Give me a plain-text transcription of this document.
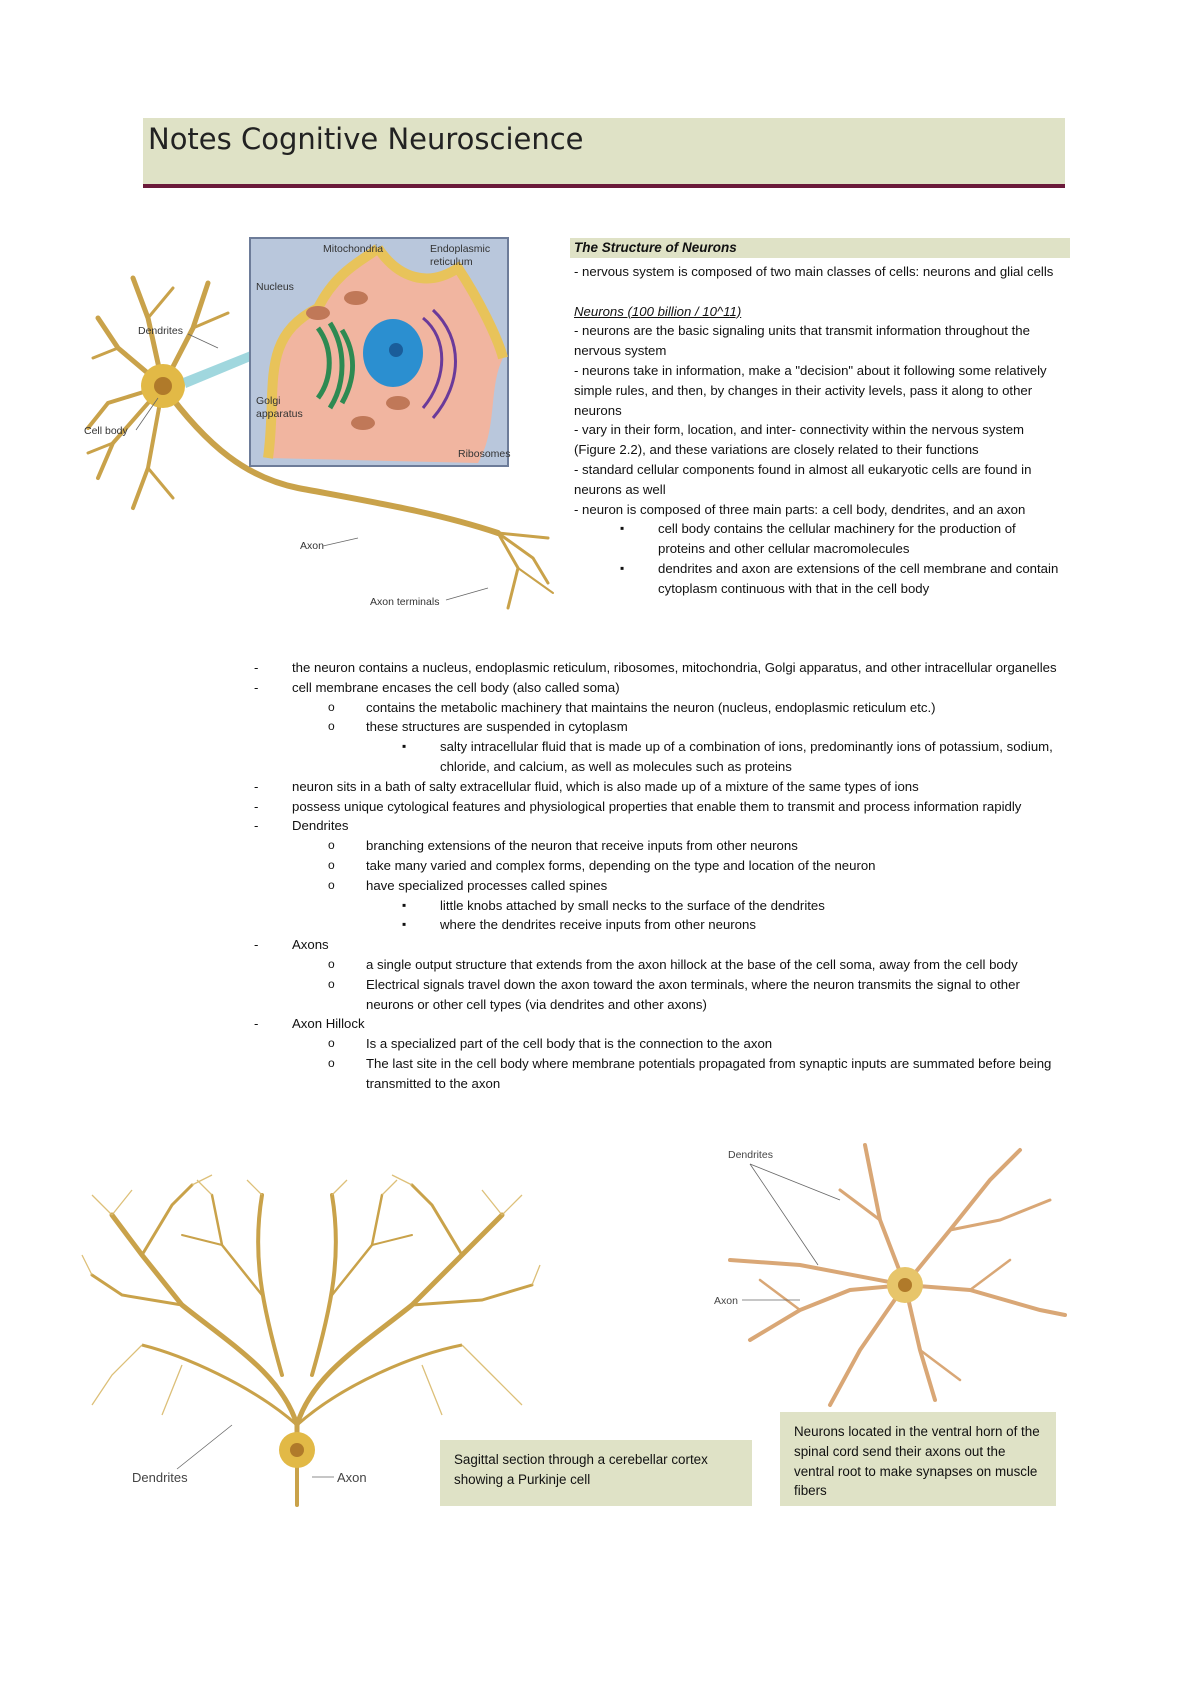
Notes Cognitive Neuroscience
Mitochondria	Endoplasmic
reticulum
Nucleus
Golgi
apparatus
Ribosomes
Dendrites
Cell body
Axon
Axon terminals
The Structure of Neurons

- nervous system is composed of two main classes of cells: neurons and glial cells

Neurons (100 billion / 10^11)

- neurons are the basic signaling units that transmit information throughout the nervous system

- neurons take in information, make a "decision" about it following some relatively simple rules, and then, by changes in their activity levels, pass it along to other neurons

- vary in their form, location, and inter- connectivity within the nervous system (Figure 2.2), and these variations are closely related to their functions

- standard cellular components found in almost all eukaryotic cells are found in neurons as well

- neuron is composed of three main parts: a cell body, dendrites, and an axon

▪ cell body contains the cellular machinery for the production of proteins and other cellular macromolecules

▪ dendrites and axon are extensions of the cell membrane and contain cytoplasm continuous with that in the cell body

- the neuron contains a nucleus, endoplasmic reticulum, ribosomes, mitochondria, Golgi apparatus, and other intracellular organelles
- cell membrane encases the cell body (also called soma)
o contains the metabolic machinery that maintains the neuron (nucleus, endoplasmic reticulum etc.)
o these structures are suspended in cytoplasm
▪ salty intracellular fluid that is made up of a combination of ions, predominantly ions of potassium, sodium, chloride, and calcium, as well as molecules such as proteins
- neuron sits in a bath of salty extracellular fluid, which is also made up of a mixture of the same types of ions
- possess unique cytological features and physiological properties that enable them to transmit and process information rapidly
- Dendrites
o branching extensions of the neuron that receive inputs from other neurons
o take many varied and complex forms, depending on the type and location of the neuron
o have specialized processes called spines
▪ little knobs attached by small necks to the surface of the dendrites
▪ where the dendrites receive inputs from other neurons
- Axons
o a single output structure that extends from the axon hillock at the base of the cell soma, away from the cell body
o Electrical signals travel down the axon toward the axon terminals, where the neuron transmits the signal to other neurons or other cell types (via dendrites and other axons)
- Axon Hillock
o Is a specialized part of the cell body that is the connection to the axon
o The last site in the cell body where membrane potentials propagated from synaptic inputs are summated before being transmitted to the axon
Dendrites	Axon
Sagittal section through a cerebellar cortex showing a Purkinje cell
Dendrites
Axon
Neurons located in the ventral horn of the spinal cord send their axons out the ventral root to make synapses on muscle fibers
